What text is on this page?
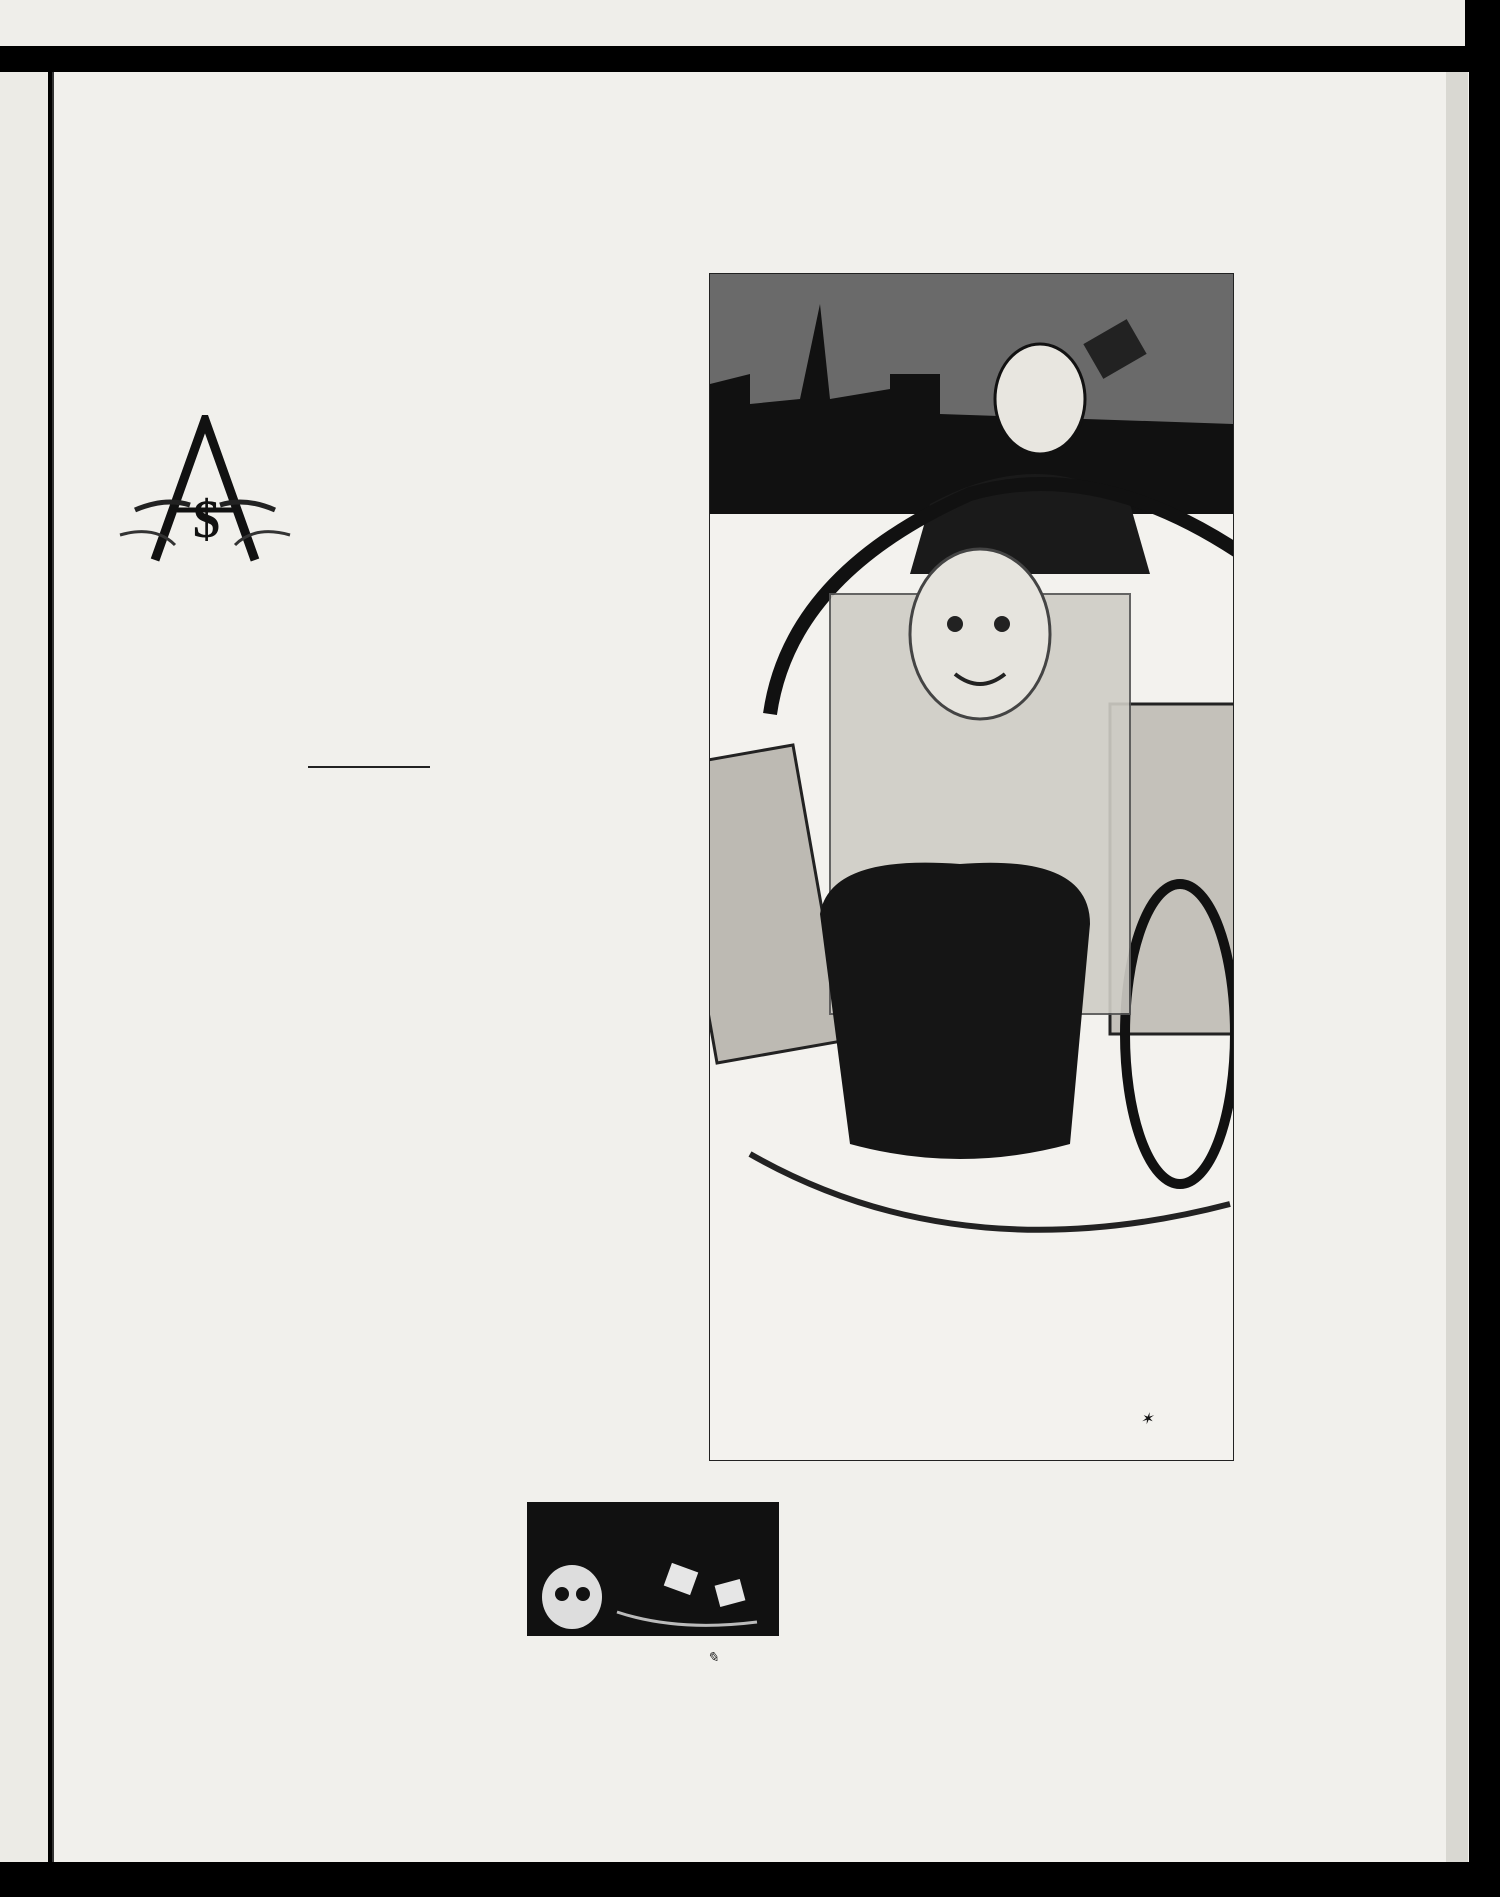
$
✶
✎
